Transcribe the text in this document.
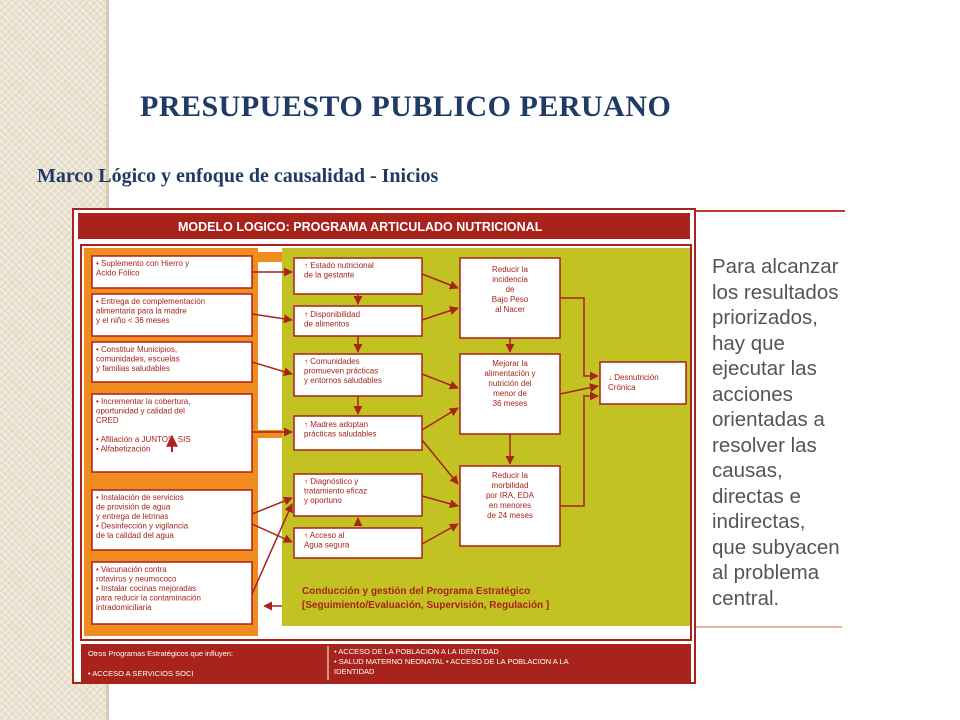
PRESUPUESTO PUBLICO PERUANO
Marco Lógico y enfoque de causalidad - Inicios
MODELO LOGICO: PROGRAMA ARTICULADO NUTRICIONAL
• Suplemento con Hierro y
Acido Fólico
• Entrega de complementación
alimentaria para la madre
y el niño < 36 meses
• Constituir Municipios,
comunidades, escuelas
y familias saludables
• Incrementar la cobertura,
oportunidad y calidad del
CRED
• Afiliación a JUNTOS, SIS
• Alfabetización
• Instalación de servicios
de provisión de agua
y entrega de letrinas
• Desinfección y vigilancia
de la calidad del agua
• Vacunación contra
rotavirus y neumococo
• Instalar cocinas mejoradas
para reducir la contaminación
intradomiciliaria
↑ Estado nutricional
de la gestante
↑ Disponibilidad
de alimentos
↑ Comunidades
promueven prácticas
y entornos saludables
↑ Madres adoptan
prácticas saludables
↑ Diagnóstico y
tratamiento eficaz
y oportuno
↑ Acceso al
Agua segura
Reducir la
incidencia
de
Bajo Peso
al Nacer
Mejorar la
alimentación y
nutrición del
menor de
36 meses
Reducir la
morbilidad
por IRA, EDA
en menores
de 24 meses
↓ Desnutrición
Crónica
Conducción y gestión del Programa Estratégico
[Seguimiento/Evaluación, Supervisión, Regulación ]
Otros Programas Estratégicos que influyen:
• ACCESO A SERVICIOS SOCI
• ACCESO DE LA POBLACION A LA IDENTIDAD
• SALUD MATERNO NEONATAL • ACCESO DE LA POBLACION A LA
IDENTIDAD
Para alcanzar
los resultados
priorizados,
hay que
ejecutar las
acciones
orientadas a
resolver las
causas,
directas e
indirectas,
que subyacen
al problema
central.
